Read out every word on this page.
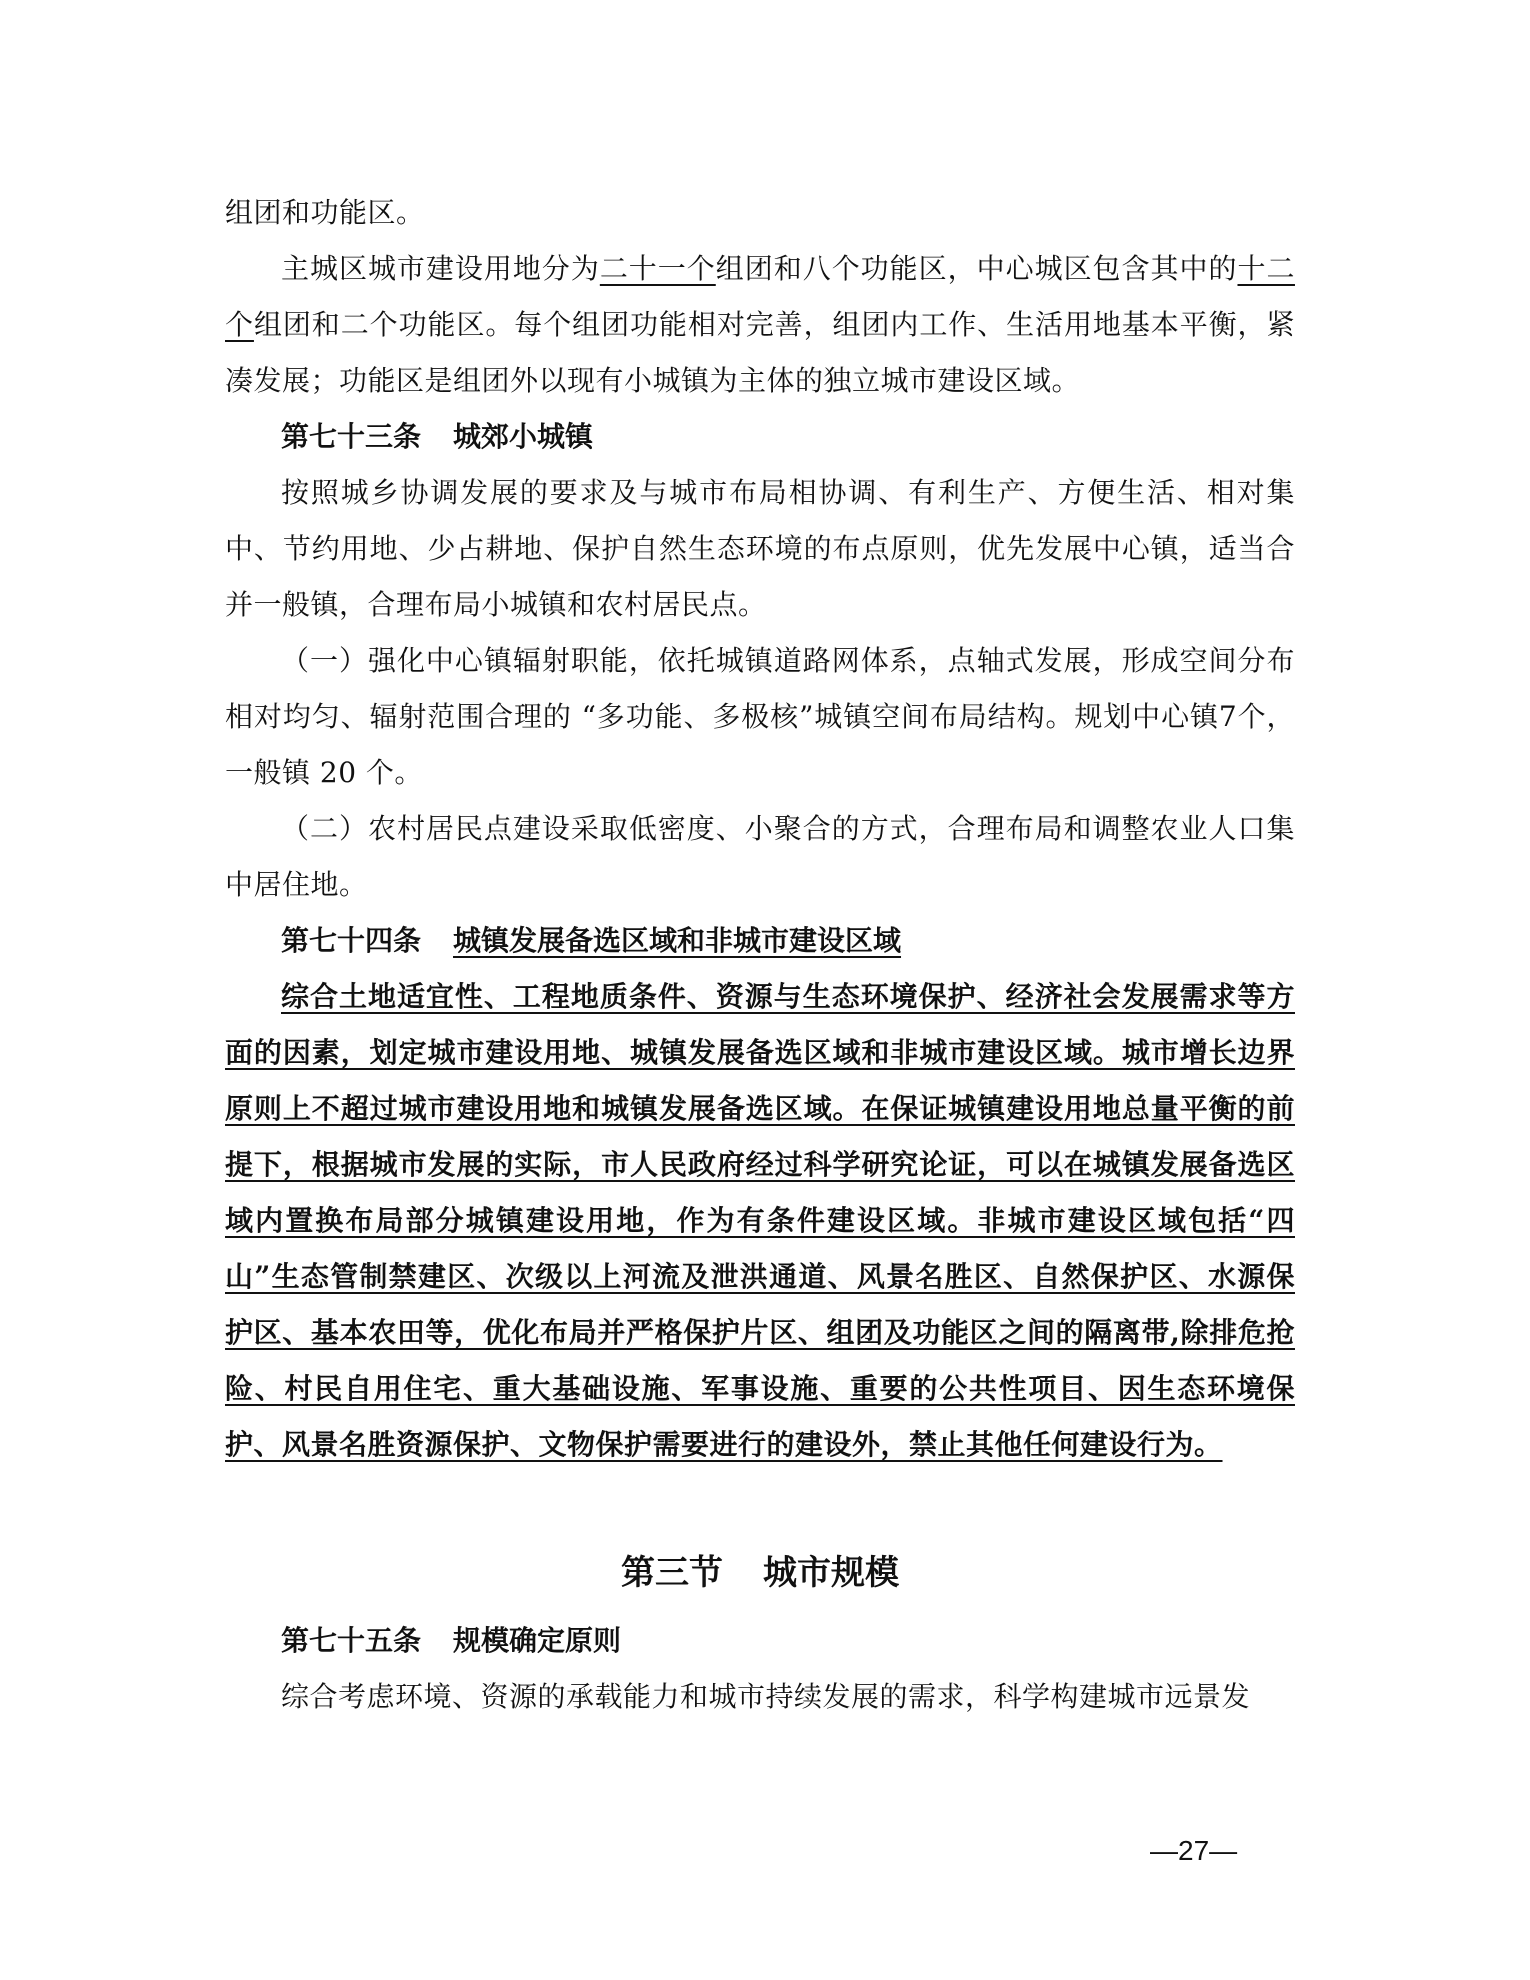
组团和功能区。

主城区城市建设用地分为二十一个组团和八个功能区，中心城区包含其中的十二个组团和二个功能区。每个组团功能相对完善，组团内工作、生活用地基本平衡，紧凑发展；功能区是组团外以现有小城镇为主体的独立城市建设区域。

第七十三条 城郊小城镇

按照城乡协调发展的要求及与城市布局相协调、有利生产、方便生活、相对集中、节约用地、少占耕地、保护自然生态环境的布点原则，优先发展中心镇，适当合并一般镇，合理布局小城镇和农村居民点。

（一）强化中心镇辐射职能，依托城镇道路网体系，点轴式发展，形成空间分布相对均匀、辐射范围合理的 “多功能、多极核”城镇空间布局结构。规划中心镇7个，一般镇 20 个。

（二）农村居民点建设采取低密度、小聚合的方式，合理布局和调整农业人口集中居住地。

第七十四条 城镇发展备选区域和非城市建设区域

综合土地适宜性、工程地质条件、资源与生态环境保护、经济社会发展需求等方面的因素，划定城市建设用地、城镇发展备选区域和非城市建设区域。城市增长边界原则上不超过城市建设用地和城镇发展备选区域。在保证城镇建设用地总量平衡的前提下，根据城市发展的实际，市人民政府经过科学研究论证，可以在城镇发展备选区域内置换布局部分城镇建设用地，作为有条件建设区域。非城市建设区域包括“四山”生态管制禁建区、次级以上河流及泄洪通道、风景名胜区、自然保护区、水源保护区、基本农田等，优化布局并严格保护片区、组团及功能区之间的隔离带,除排危抢险、村民自用住宅、重大基础设施、军事设施、重要的公共性项目、因生态环境保护、风景名胜资源保护、文物保护需要进行的建设外，禁止其他任何建设行为。

第三节 城市规模

第七十五条 规模确定原则

综合考虑环境、资源的承载能力和城市持续发展的需求，科学构建城市远景发

—27—
